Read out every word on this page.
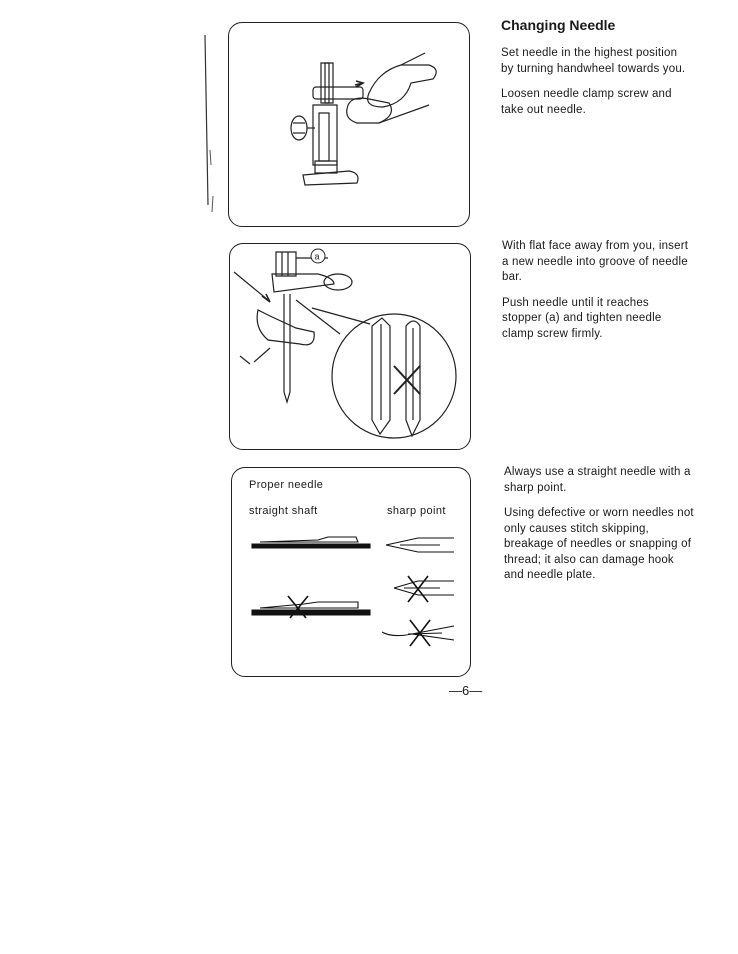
Changing Needle

Set needle in the highest position by turning handwheel towards you.

Loosen needle clamp screw and take out needle.

a

With flat face away from you, insert a new needle into groove of needle bar.

Push needle until it reaches stopper (a) and tighten needle clamp screw firmly.

Proper needle
straight shaft	sharp point

Always use a straight needle with a sharp point.

Using defective or worn needles not only causes stitch skipping, breakage of needles or snapping of thread; it also can damage hook and needle plate.

—6—
